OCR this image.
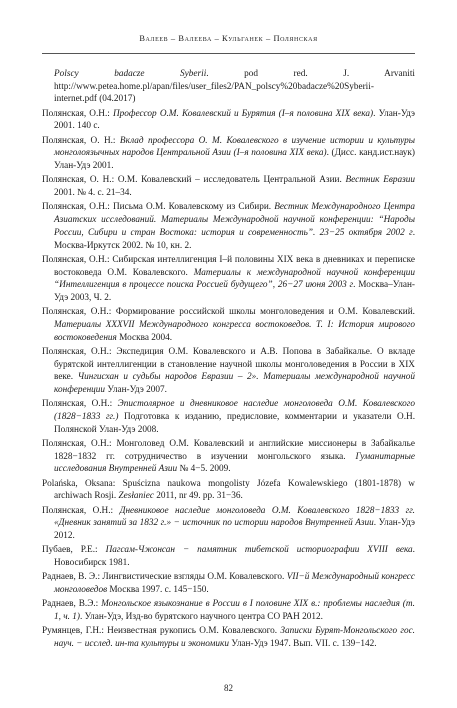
Валеев – Валеева – Кульганек – Полянская
Polscy badacze Syberii. pod red. J. Arvaniti http://www.petea.home.pl/apan/files/user_files2/PAN_polscy%20badacze%20Syberii-internet.pdf (04.2017)
Полянская, О.Н.: Профессор О.М. Ковалевский и Бурятия (I–я половина XIX века). Улан-Удэ 2001. 140 с.
Полянская, О. Н.: Вклад профессора О. М. Ковалевского в изучение истории и культуры монголоязычных народов Центральной Азии (I–я половина XIX века). (Дисс. канд.ист.наук) Улан-Удэ 2001.
Полянская, О. Н.: О.М. Ковалевский – исследователь Центральной Азии. Вестник Евразии 2001. № 4. с. 21–34.
Полянская, О.Н.: Письма О.М. Ковалевскому из Сибири. Вестник Международного Центра Азиатских исследований. Материалы Международной научной конференции: “Народы России, Сибири и стран Востока: история и современность”. 23−25 октября 2002 г. Москва-Иркутск 2002. № 10, кн. 2.
Полянская, О.Н.: Сибирская интеллигенция I–й половины XIX века в дневниках и переписке востоковеда О.М. Ковалевского. Материалы к международной научной конференции “Интеллигенция в процессе поиска Россией будущего”, 26−27 июня 2003 г. Москва–Улан-Удэ 2003, Ч. 2.
Полянская, О.Н.: Формирование российской школы монголоведения и О.М. Ковалевский. Материалы XXXVII Международного конгресса востоковедов. Т. I: История мирового востоковедения Москва 2004.
Полянская, О.Н.: Экспедиция О.М. Ковалевского и А.В. Попова в Забайкалье. О вкладе бурятской интеллигенции в становление научной школы монголоведения в России в XIX веке. Чингисхан и судьбы народов Евразии – 2». Материалы международной научной конференции Улан-Удэ 2007.
Полянская, О.Н.: Эпистолярное и дневниковое наследие монголоведа О.М. Ковалевского (1828−1833 гг.) Подготовка к изданию, предисловие, комментарии и указатели О.Н. Полянской Улан-Удэ 2008.
Полянская, О.Н.: Монголовед О.М. Ковалевский и английские миссионеры в Забайкалье 1828−1832 гг. сотрудничество в изучении монгольского языка. Гуманитарные исследования Внутренней Азии № 4−5. 2009.
Polańska, Oksana: Spuścizna naukowa mongolisty Józefa Kowalewskiego (1801-1878) w archiwach Rosji. Zesłaniec 2011, nr 49. pp. 31−36.
Полянская, О.Н.: Дневниковое наследие монголоведа О.М. Ковалевского 1828−1833 гг. «Дневник занятий за 1832 г.» − источник по истории народов Внутренней Азии. Улан-Удэ 2012.
Пубаев, Р.Е.: Пагсам-Чжонсан − памятник тибетской историографии XVIII века. Новосибирск 1981.
Раднаев, В. Э.: Лингвистические взгляды О.М. Ковалевского. VII−й Международный конгресс монголоведов Москва 1997. с. 145−150.
Раднаев, В.Э.: Монгольское языкознание в России в I половине XIX в.: проблемы наследия (т. 1, ч. 1). Улан-Удэ, Изд-во бурятского научного центра СО РАН 2012.
Румянцев, Г.Н.: Неизвестная рукопись О.М. Ковалевского. Записки Бурят-Монгольского гос. науч. − исслед. ин-та культуры и экономики Улан-Удэ 1947. Вып. VII. с. 139−142.
82
